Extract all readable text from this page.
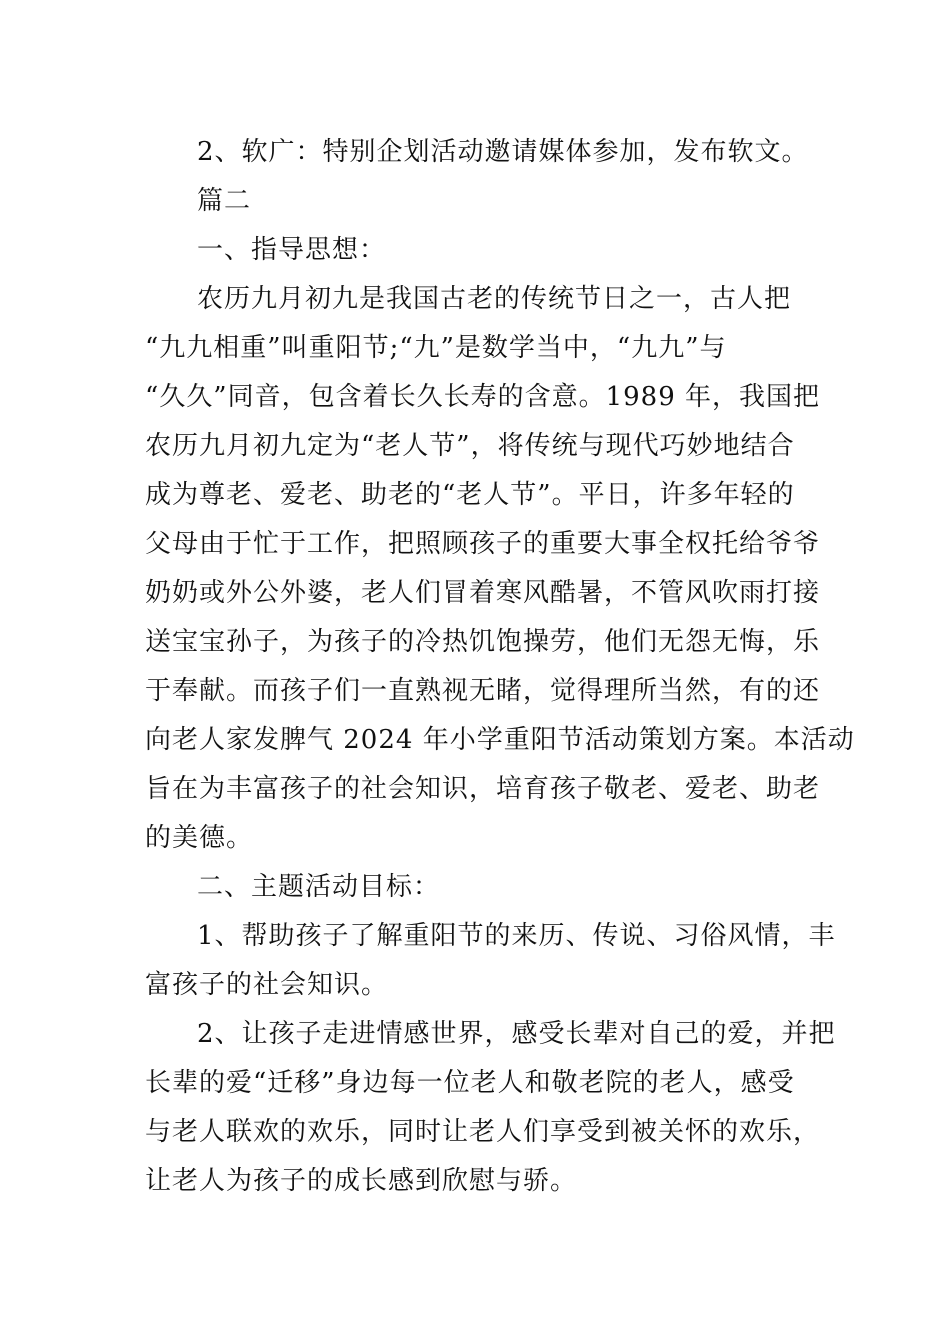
2、软广：特别企划活动邀请媒体参加，发布软文。
篇二
一、指导思想：
农历九月初九是我国古老的传统节日之一，古人把
“九九相重”叫重阳节;“九”是数学当中，“九九”与
“久久”同音，包含着长久长寿的含意。1989 年，我国把
农历九月初九定为“老人节”，将传统与现代巧妙地结合
成为尊老、爱老、助老的“老人节”。平日，许多年轻的
父母由于忙于工作，把照顾孩子的重要大事全权托给爷爷
奶奶或外公外婆，老人们冒着寒风酷暑，不管风吹雨打接
送宝宝孙子，为孩子的冷热饥饱操劳，他们无怨无悔，乐
于奉献。而孩子们一直熟视无睹，觉得理所当然，有的还
向老人家发脾气 2024 年小学重阳节活动策划方案。本活动
旨在为丰富孩子的社会知识，培育孩子敬老、爱老、助老
的美德。
二、主题活动目标：
1、帮助孩子了解重阳节的来历、传说、习俗风情，丰
富孩子的社会知识。
2、让孩子走进情感世界，感受长辈对自己的爱，并把
长辈的爱“迁移”身边每一位老人和敬老院的老人，感受
与老人联欢的欢乐，同时让老人们享受到被关怀的欢乐，
让老人为孩子的成长感到欣慰与骄。
